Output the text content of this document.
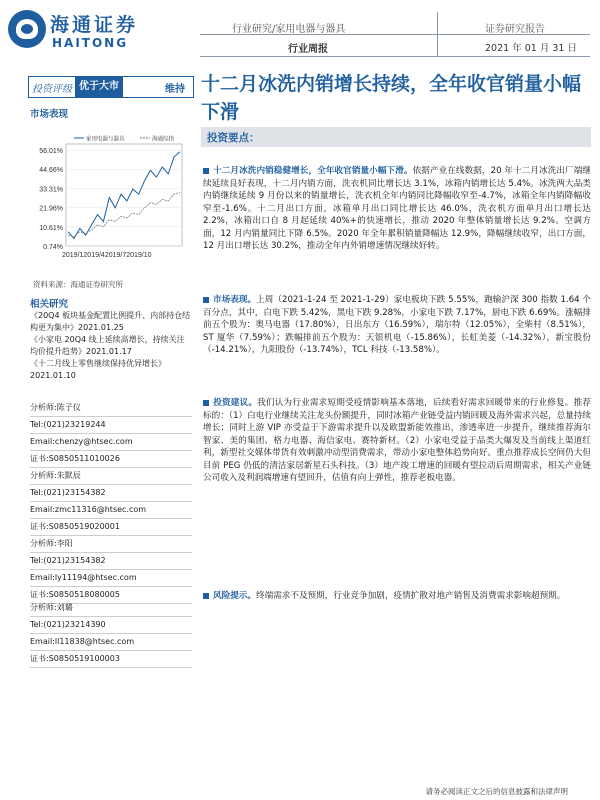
海通证券
HAITONG
行业研究/家用电器与器具
行业周报
证券研究报告
2021 年 01 月 31 日
投资评级 优于大市	维持
市场表现
56.01%
44.66%
33.31%
21.96%
10.61%
0.74%
2019/12019/42019/72019/10
家用电器与器具	海通综指
资料来源：海通证券研究所
相关研究
《20Q4 板块基金配置比例提升、内部持仓结构更为集中》2021.01.25
《小家电 20Q4 线上延续高增长，持续关注均价提升趋势》2021.01.17
《十二月线上零售继续保持优异增长》2021.01.10
分析师:陈子仪
Tel:(021)23219244
Email:chenzy@htsec.com
证书:S0850511010026
分析师:朱默辰
Tel:(021)23154382
Email:zmc11316@htsec.com
证书:S0850519020001
分析师:李阳
Tel:(021)23154382
Email:ly11194@htsec.com
证书:S0850518080005
分析师:刘璐
Tel:(021)23214390
Email:ll11838@htsec.com
证书:S0850519100003
十二月冰洗内销增长持续，全年收官销量小幅下滑
投资要点：
十二月冰洗内销稳健增长，全年收官销量小幅下滑。依据产业在线数据，20 年十二月冰洗出厂端继续延续良好表现，十二月内销方面，洗衣机同比增长达 3.1%，冰箱内销增长达 5.4%。冰洗两大品类内销继续延续 9 月份以来的销量增长，洗衣机全年内销同比降幅收窄至-4.7%，冰箱全年内销降幅收窄至-1.6%。十二月出口方面，冰箱单月出口同比增长达 46.0%，洗衣机方面单月出口增长达 2.2%，冰箱出口自 8 月起延续 40%+的快速增长，推动 2020 年整体销量增长达 9.2%。空调方面，12 月内销量同比下降 6.5%。2020 年全年累积销量降幅达 12.9%，降幅继续收窄，出口方面，12 月出口增长达 30.2%，推动全年内外销增速情况继续好转。
市场表现。上周（2021-1-24 至 2021-1-29）家电板块下跌 5.55%，跑输沪深 300 指数 1.64 个百分点，其中，白电下跌 5.42%，黑电下跌 9.28%，小家电下跌 7.17%，厨电下跌 6.69%。涨幅排前五个股为：奥马电器（17.80%），日出东方（16.59%），瑞尔特（12.05%），全柴村（8.51%），ST 厦华（7.59%）；跌幅排前五个股为：天银机电（-15.86%），长虹美菱（-14.32%），新宝股份（-14.21%），九阳股份（-13.74%），TCL 科技（-13.58%）。
投资建议。我们认为行业需求短期受疫情影响基本落地，后续看好需求回暖带来的行业修复。推荐标的：（1）白电行业继续关注龙头份额提升，同时冰箱产业链受益内销回暖及海外需求兴起，总量持续增长；同时上游 VIP 亦受益于下游需求提升以及欧盟新能效推出，渗透率进一步提升，继续推荐海尔智家、美的集团、格力电器、海信家电、赛特新材。（2）小家电受益于品类大爆发及当前线上渠道红利，新型社交媒体带货有效刺激冲动型消费需求，带动小家电整体趋势向好。重点推荐成长空间仍大但目前 PEG 仍低的清洁家居新星石头科技。（3）地产竣工增速的回暖有望拉动后周期需求，相关产业链公司收入及利润端增速有望回升，估值有向上弹性，推荐老板电器。
风险提示。终端需求不及预期，行业竞争加剧，疫情扩散对地产销售及消费需求影响超预期。
请务必阅读正文之后的信息披露和法律声明
